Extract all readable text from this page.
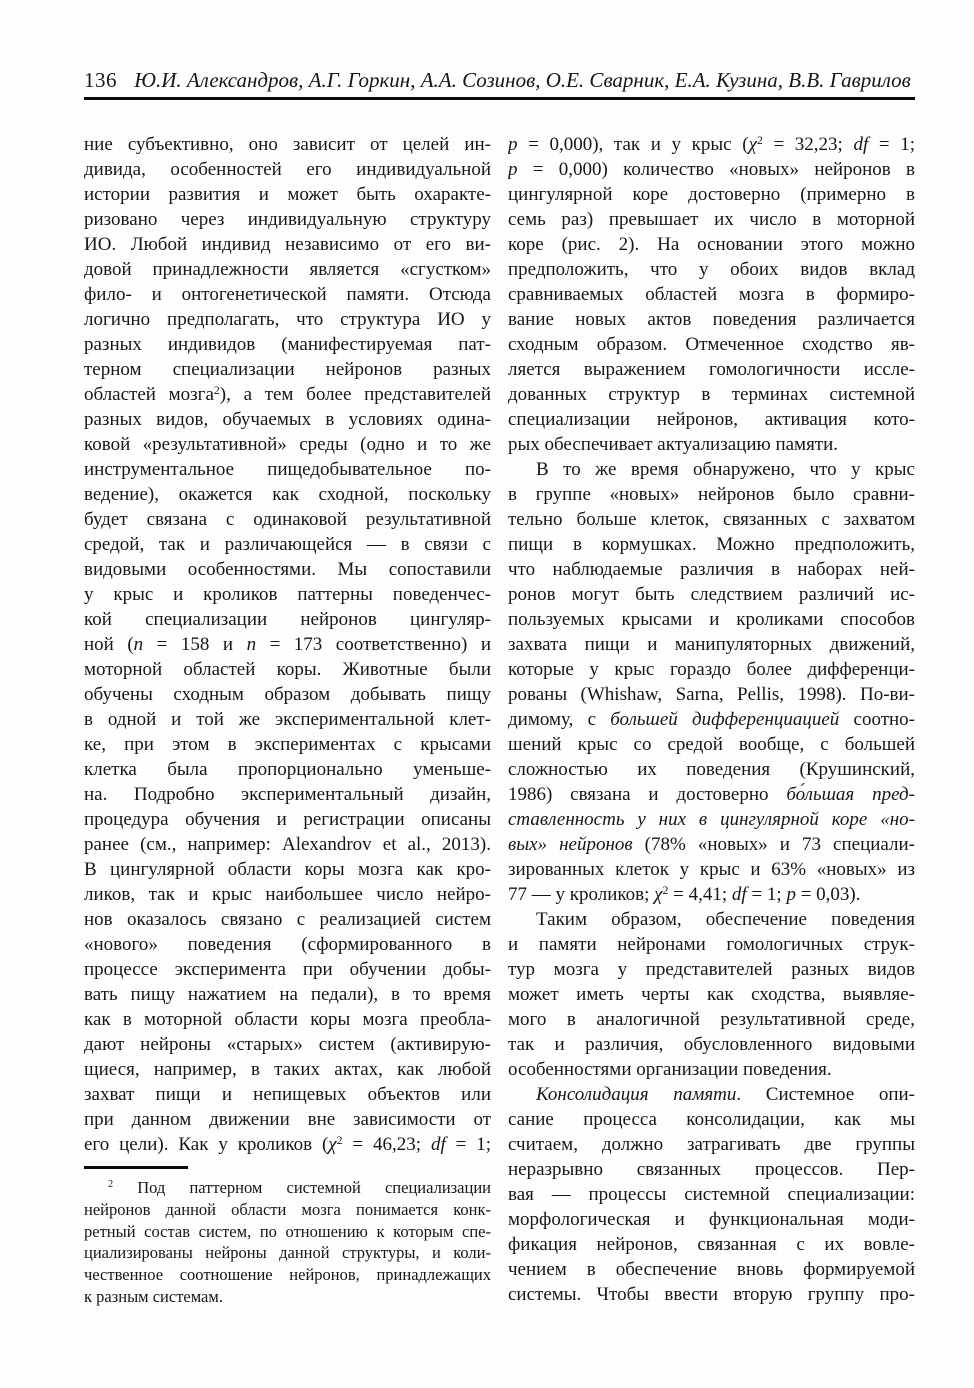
136 Ю.И. Александров, А.Г. Горкин, А.А. Созинов, О.Е. Сварник, Е.А. Кузина, В.В. Гаврилов
ние субъективно, оно зависит от целей ин-
дивида, особенностей его индивидуальной
истории развития и может быть охаракте-
ризовано через индивидуальную структуру
ИО. Любой индивид независимо от его ви-
довой принадлежности является «сгустком»
фило- и онтогенетической памяти. Отсюда
логично предполагать, что структура ИО у
разных индивидов (манифестируемая пат-
терном специализации нейронов разных
областей мозга$^2$), а тем более представителей
разных видов, обучаемых в условиях одина-
ковой «результативной» среды (одно и то же
инструментальное пищедобывательное по-
ведение), окажется как сходной, поскольку
будет связана с одинаковой результативной
средой, так и различающейся — в связи с
видовыми особенностями. Мы сопоставили
у крыс и кроликов паттерны поведенчес-
кой специализации нейронов цингуляр-
ной (n = 158 и n = 173 соответственно) и
моторной областей коры. Животные были
обучены сходным образом добывать пищу
в одной и той же экспериментальной клет-
ке, при этом в экспериментах с крысами
клетка была пропорционально уменьше-
на. Подробно экспериментальный дизайн,
процедура обучения и регистрации описаны
ранее (см., например: Alexandrov et al., 2013).
В цингулярной области коры мозга как кро-
ликов, так и крыс наибольшее число нейро-
нов оказалось связано с реализацией систем
«нового» поведения (сформированного в
процессе эксперимента при обучении добы-
вать пищу нажатием на педали), в то время
как в моторной области коры мозга преобла-
дают нейроны «старых» систем (активирую-
щиеся, например, в таких актах, как любой
захват пищи и непищевых объектов или
при данном движении вне зависимости от
его цели). Как у кроликов ($\chi^2 = 46,23$; df = 1;
$^2$ Под паттерном системной специализации
нейронов данной области мозга понимается конк-
ретный состав систем, по отношению к которым спе-
циализированы нейроны данной структуры, и коли-
чественное соотношение нейронов, принадлежащих
к разным системам.
p = 0,000), так и у крыс ($\chi^2 = 32,23$; df = 1;
p = 0,000) количество «новых» нейронов в
цингулярной коре достоверно (примерно в
семь раз) превышает их число в моторной
коре (рис. 2). На основании этого можно
предположить, что у обоих видов вклад
сравниваемых областей мозга в формиро-
вание новых актов поведения различается
сходным образом. Отмеченное сходство яв-
ляется выражением гомологичности иссле-
дованных структур в терминах системной
специализации нейронов, активация кото-
рых обеспечивает актуализацию памяти.
В то же время обнаружено, что у крыс
в группе «новых» нейронов было сравни-
тельно больше клеток, связанных с захватом
пищи в кормушках. Можно предположить,
что наблюдаемые различия в наборах ней-
ронов могут быть следствием различий ис-
пользуемых крысами и кроликами способов
захвата пищи и манипуляторных движений,
которые у крыс гораздо более дифференци-
рованы (Whishaw, Sarna, Pellis, 1998). По-ви-
димому, с большей дифференциацией соотно-
шений крыс со средой вообще, с большей
сложностью их поведения (Крушинский,
1986) связана и достоверно бо́льшая пред-
ставленность у них в цингулярной коре «но-
вых» нейронов (78% «новых» и 73 специали-
зированных клеток у крыс и 63% «новых» из
77 — у кроликов; $\chi^2 = 4,41$; df = 1; p = 0,03).
Таким образом, обеспечение поведения
и памяти нейронами гомологичных струк-
тур мозга у представителей разных видов
может иметь черты как сходства, выявляе-
мого в аналогичной результативной среде,
так и различия, обусловленного видовыми
особенностями организации поведения.
Консолидация памяти. Системное опи-
сание процесса консолидации, как мы
считаем, должно затрагивать две группы
неразрывно связанных процессов. Пер-
вая — процессы системной специализации:
морфологическая и функциональная моди-
фикация нейронов, связанная с их вовле-
чением в обеспечение вновь формируемой
системы. Чтобы ввести вторую группу про-
